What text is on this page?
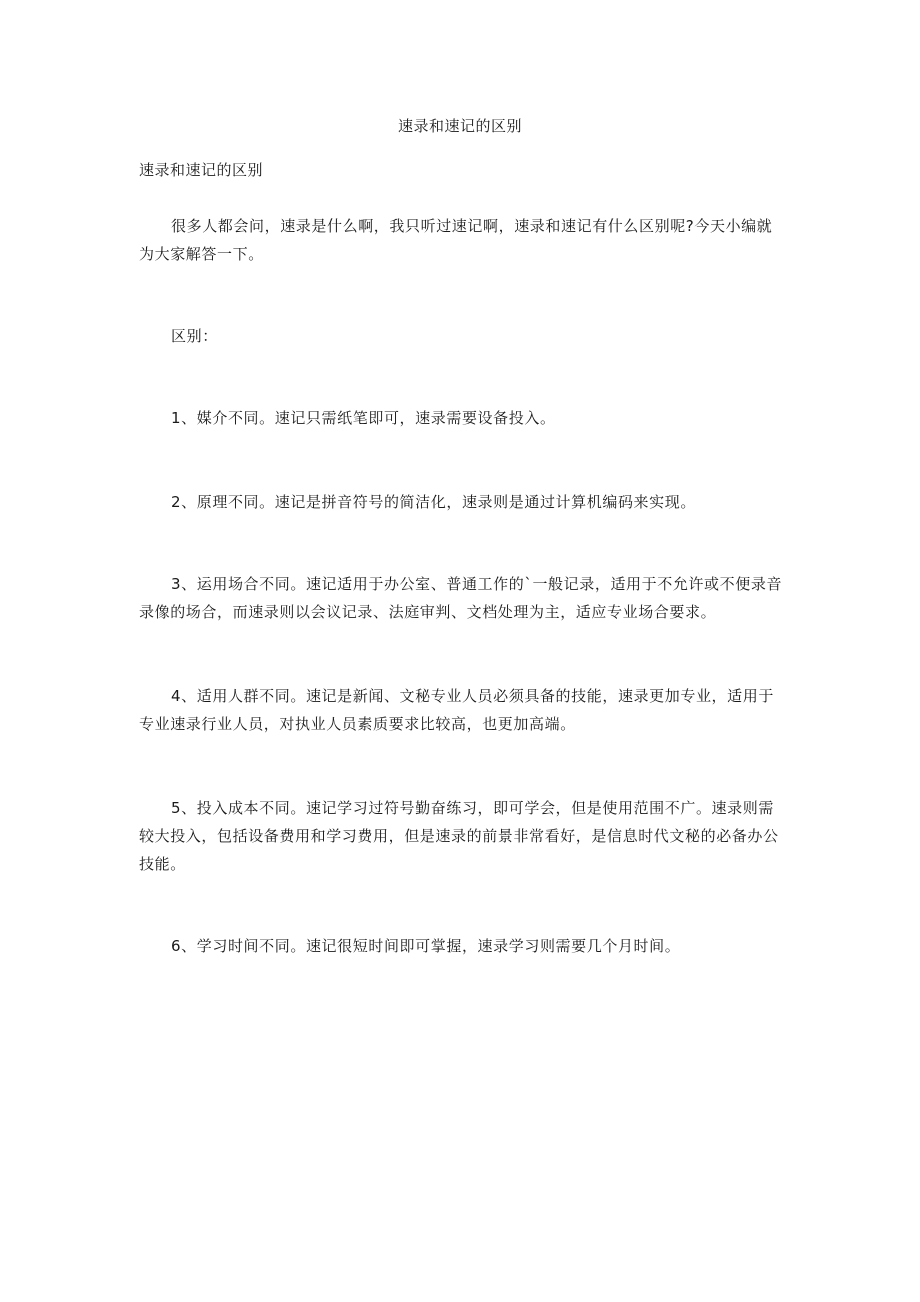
速录和速记的区别
速录和速记的区别

很多人都会问，速录是什么啊，我只听过速记啊，速录和速记有什么区别呢?今天小编就为大家解答一下。

区别：

1、媒介不同。速记只需纸笔即可，速录需要设备投入。

2、原理不同。速记是拼音符号的简洁化，速录则是通过计算机编码来实现。

3、运用场合不同。速记适用于办公室、普通工作的`一般记录，适用于不允许或不便录音录像的场合，而速录则以会议记录、法庭审判、文档处理为主，适应专业场合要求。

4、适用人群不同。速记是新闻、文秘专业人员必须具备的技能，速录更加专业，适用于专业速录行业人员，对执业人员素质要求比较高，也更加高端。

5、投入成本不同。速记学习过符号勤奋练习，即可学会，但是使用范围不广。速录则需较大投入，包括设备费用和学习费用，但是速录的前景非常看好，是信息时代文秘的必备办公技能。

6、学习时间不同。速记很短时间即可掌握，速录学习则需要几个月时间。
